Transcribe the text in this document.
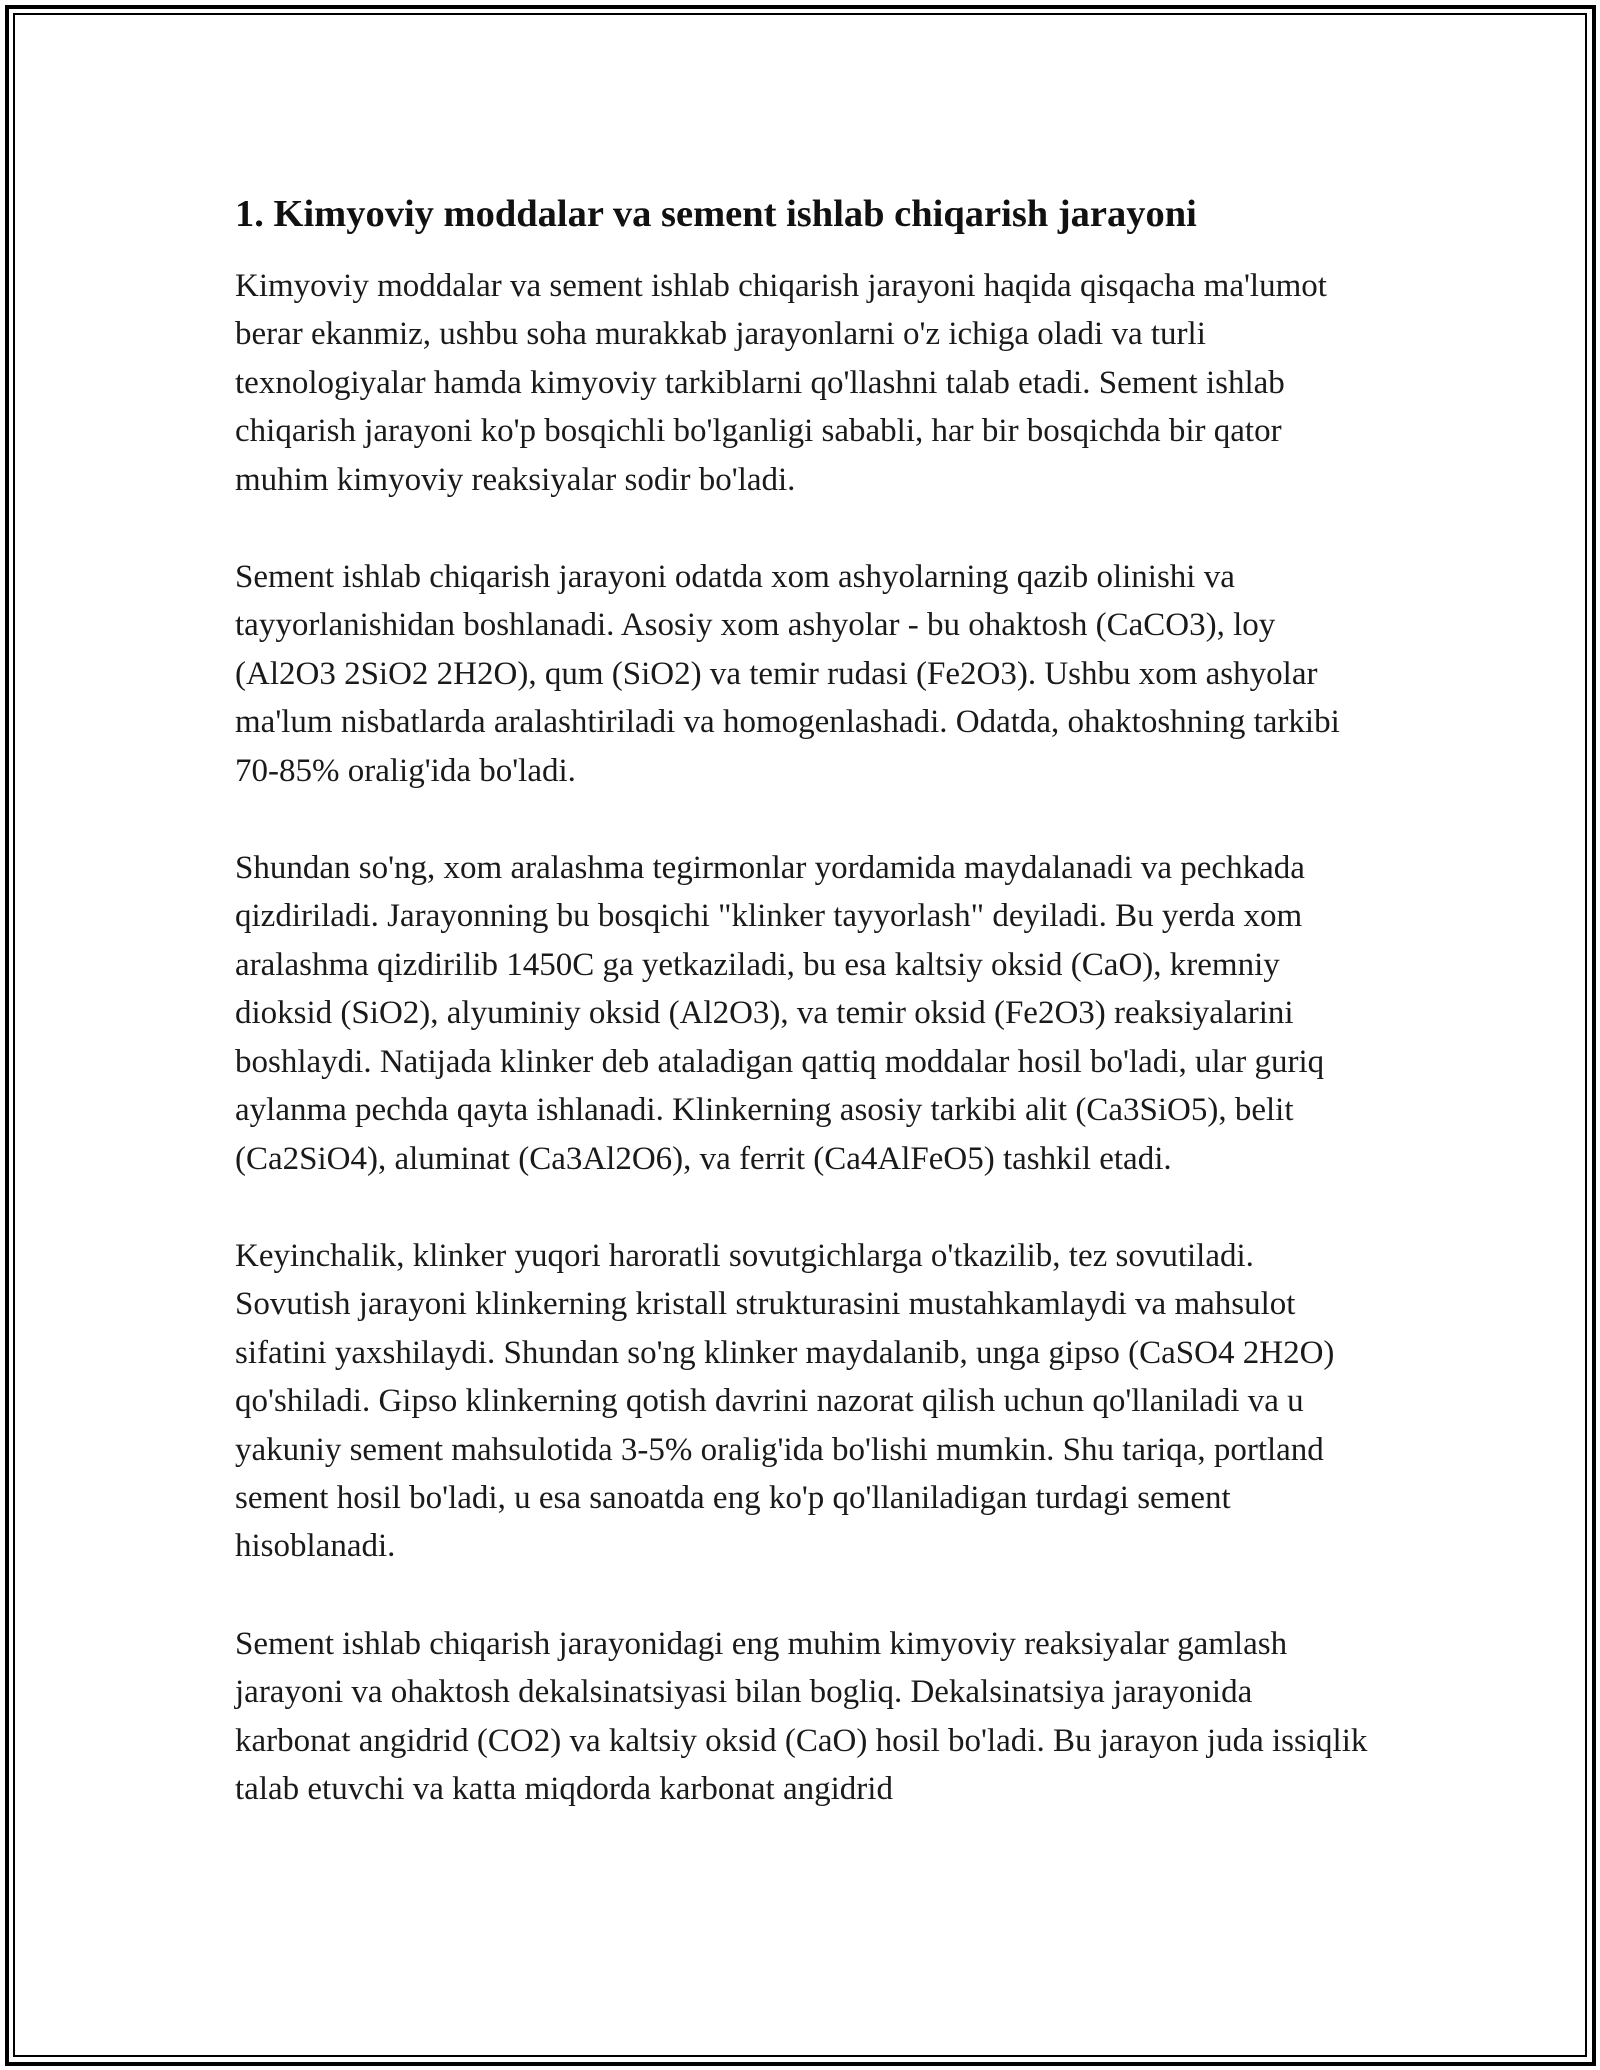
1. Kimyoviy moddalar va sement ishlab chiqarish jarayoni

Kimyoviy moddalar va sement ishlab chiqarish jarayoni haqida qisqacha ma'lumot berar ekanmiz, ushbu soha murakkab jarayonlarni o'z ichiga oladi va turli texnologiyalar hamda kimyoviy tarkiblarni qo'llashni talab etadi. Sement ishlab chiqarish jarayoni ko'p bosqichli bo'lganligi sababli, har bir bosqichda bir qator muhim kimyoviy reaksiyalar sodir bo'ladi.

Sement ishlab chiqarish jarayoni odatda xom ashyolarning qazib olinishi va tayyorlanishidan boshlanadi. Asosiy xom ashyolar - bu ohaktosh (CaCO3), loy (Al2O3 2SiO2 2H2O), qum (SiO2) va temir rudasi (Fe2O3). Ushbu xom ashyolar ma'lum nisbatlarda aralashtiriladi va homogenlashadi. Odatda, ohaktoshning tarkibi 70-85% oralig'ida bo'ladi.

Shundan so'ng, xom aralashma tegirmonlar yordamida maydalanadi va pechkada qizdiriladi. Jarayonning bu bosqichi "klinker tayyorlash" deyiladi. Bu yerda xom aralashma qizdirilib 1450C ga yetkaziladi, bu esa kaltsiy oksid (CaO), kremniy dioksid (SiO2), alyuminiy oksid (Al2O3), va temir oksid (Fe2O3) reaksiyalarini boshlaydi. Natijada klinker deb ataladigan qattiq moddalar hosil bo'ladi, ular guriq aylanma pechda qayta ishlanadi. Klinkerning asosiy tarkibi alit (Ca3SiO5), belit (Ca2SiO4), aluminat (Ca3Al2O6), va ferrit (Ca4AlFeO5) tashkil etadi.

Keyinchalik, klinker yuqori haroratli sovutgichlarga o'tkazilib, tez sovutiladi. Sovutish jarayoni klinkerning kristall strukturasini mustahkamlaydi va mahsulot sifatini yaxshilaydi. Shundan so'ng klinker maydalanib, unga gipso (CaSO4 2H2O) qo'shiladi. Gipso klinkerning qotish davrini nazorat qilish uchun qo'llaniladi va u yakuniy sement mahsulotida 3-5% oralig'ida bo'lishi mumkin. Shu tariqa, portland sement hosil bo'ladi, u esa sanoatda eng ko'p qo'llaniladigan turdagi sement hisoblanadi.

Sement ishlab chiqarish jarayonidagi eng muhim kimyoviy reaksiyalar gamlash jarayoni va ohaktosh dekalsinatsiyasi bilan bogliq. Dekalsinatsiya jarayonida karbonat angidrid (CO2) va kaltsiy oksid (CaO) hosil bo'ladi. Bu jarayon juda issiqlik talab etuvchi va katta miqdorda karbonat angidrid
